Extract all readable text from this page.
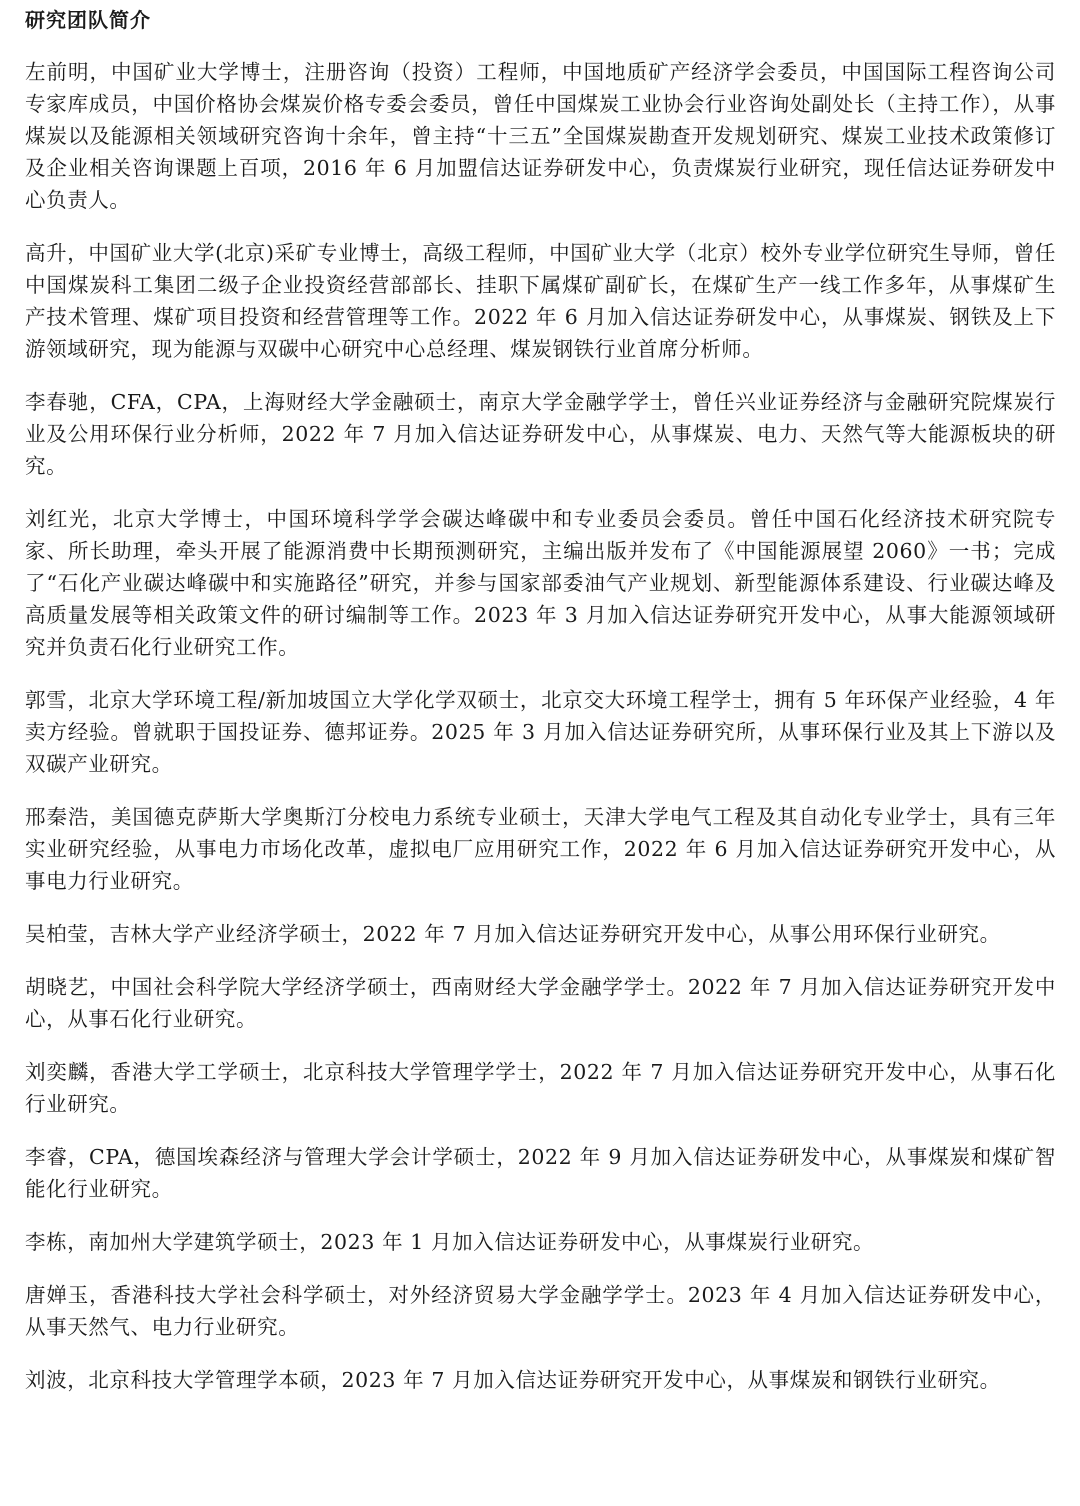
研究团队简介

左前明，中国矿业大学博士，注册咨询（投资）工程师，中国地质矿产经济学会委员，中国国际工程咨询公司专家库成员，中国价格协会煤炭价格专委会委员，曾任中国煤炭工业协会行业咨询处副处长（主持工作），从事煤炭以及能源相关领域研究咨询十余年，曾主持“十三五”全国煤炭勘查开发规划研究、煤炭工业技术政策修订及企业相关咨询课题上百项，2016 年 6 月加盟信达证券研发中心，负责煤炭行业研究，现任信达证券研发中心负责人。

高升，中国矿业大学(北京)采矿专业博士，高级工程师，中国矿业大学（北京）校外专业学位研究生导师，曾任中国煤炭科工集团二级子企业投资经营部部长、挂职下属煤矿副矿长，在煤矿生产一线工作多年，从事煤矿生产技术管理、煤矿项目投资和经营管理等工作。2022 年 6 月加入信达证券研发中心，从事煤炭、钢铁及上下游领域研究，现为能源与双碳中心研究中心总经理、煤炭钢铁行业首席分析师。

李春驰，CFA，CPA，上海财经大学金融硕士，南京大学金融学学士，曾任兴业证券经济与金融研究院煤炭行业及公用环保行业分析师，2022 年 7 月加入信达证券研发中心，从事煤炭、电力、天然气等大能源板块的研究。

刘红光，北京大学博士，中国环境科学学会碳达峰碳中和专业委员会委员。曾任中国石化经济技术研究院专家、所长助理，牵头开展了能源消费中长期预测研究，主编出版并发布了《中国能源展望 2060》一书；完成了“石化产业碳达峰碳中和实施路径”研究，并参与国家部委油气产业规划、新型能源体系建设、行业碳达峰及高质量发展等相关政策文件的研讨编制等工作。2023 年 3 月加入信达证券研究开发中心，从事大能源领域研究并负责石化行业研究工作。

郭雪，北京大学环境工程/新加坡国立大学化学双硕士，北京交大环境工程学士，拥有 5 年环保产业经验，4 年卖方经验。曾就职于国投证券、德邦证券。2025 年 3 月加入信达证券研究所，从事环保行业及其上下游以及双碳产业研究。

邢秦浩，美国德克萨斯大学奥斯汀分校电力系统专业硕士，天津大学电气工程及其自动化专业学士，具有三年实业研究经验，从事电力市场化改革，虚拟电厂应用研究工作，2022 年 6 月加入信达证券研究开发中心，从事电力行业研究。

吴柏莹，吉林大学产业经济学硕士，2022 年 7 月加入信达证券研究开发中心，从事公用环保行业研究。

胡晓艺，中国社会科学院大学经济学硕士，西南财经大学金融学学士。2022 年 7 月加入信达证券研究开发中心，从事石化行业研究。

刘奕麟，香港大学工学硕士，北京科技大学管理学学士，2022 年 7 月加入信达证券研究开发中心，从事石化行业研究。

李睿，CPA，德国埃森经济与管理大学会计学硕士，2022 年 9 月加入信达证券研发中心，从事煤炭和煤矿智能化行业研究。

李栋，南加州大学建筑学硕士，2023 年 1 月加入信达证券研发中心，从事煤炭行业研究。

唐婵玉，香港科技大学社会科学硕士，对外经济贸易大学金融学学士。2023 年 4 月加入信达证券研发中心，从事天然气、电力行业研究。

刘波，北京科技大学管理学本硕，2023 年 7 月加入信达证券研究开发中心，从事煤炭和钢铁行业研究。
